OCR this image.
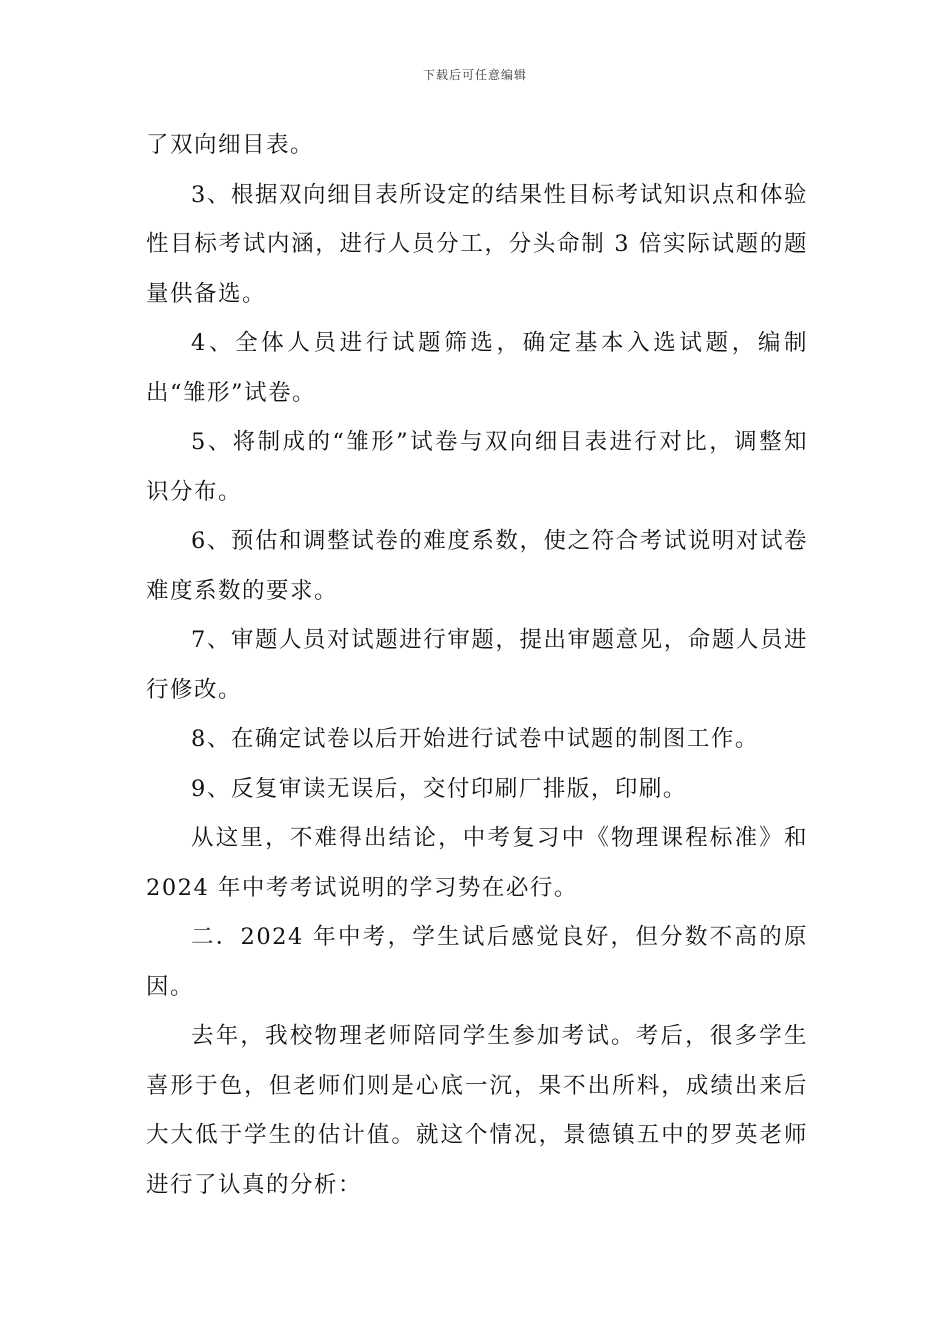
下载后可任意编辑

了双向细目表。

3、根据双向细目表所设定的结果性目标考试知识点和体验性目标考试内涵，进行人员分工，分头命制 3 倍实际试题的题量供备选。

4、全体人员进行试题筛选，确定基本入选试题，编制出“雏形”试卷。

5、将制成的“雏形”试卷与双向细目表进行对比，调整知识分布。

6、预估和调整试卷的难度系数，使之符合考试说明对试卷难度系数的要求。

7、审题人员对试题进行审题，提出审题意见，命题人员进行修改。

8、在确定试卷以后开始进行试卷中试题的制图工作。

9、反复审读无误后，交付印刷厂排版，印刷。

从这里，不难得出结论，中考复习中《物理课程标准》和 2024 年中考考试说明的学习势在必行。

二．2024 年中考，学生试后感觉良好，但分数不高的原因。

去年，我校物理老师陪同学生参加考试。考后，很多学生喜形于色，但老师们则是心底一沉，果不出所料，成绩出来后大大低于学生的估计值。就这个情况，景德镇五中的罗英老师进行了认真的分析：
